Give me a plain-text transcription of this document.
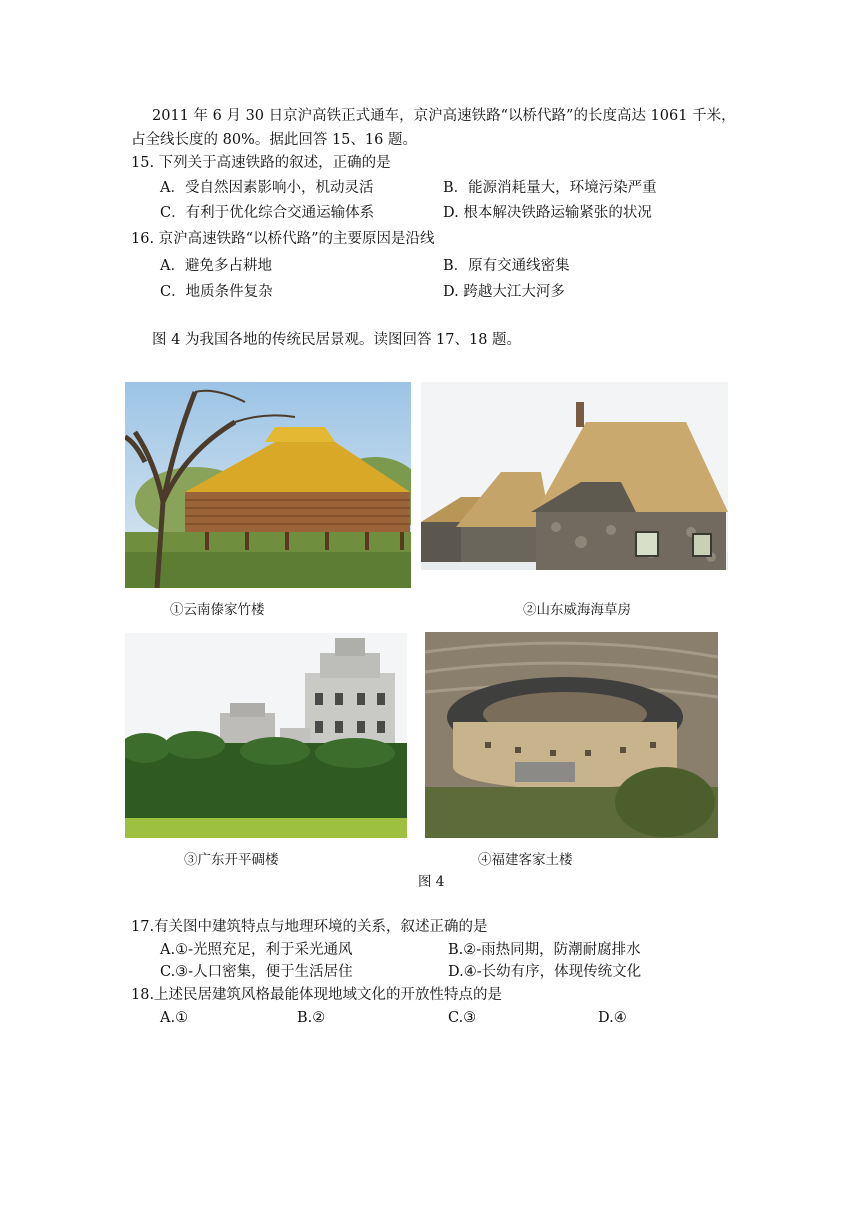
2011 年 6 月 30 日京沪高铁正式通车，京沪高速铁路“以桥代路”的长度高达 1061 千米，
占全线长度的 80%。据此回答 15、16 题。
15. 下列关于高速铁路的叙述，正确的是
A．受自然因素影响小，机动灵活	B．能源消耗量大，环境污染严重
C．有利于优化综合交通运输体系	D. 根本解决铁路运输紧张的状况
16. 京沪高速铁路“以桥代路”的主要原因是沿线
A．避免多占耕地	B．原有交通线密集
C．地质条件复杂	D. 跨越大江大河多
图 4 为我国各地的传统民居景观。读图回答 17、18 题。
①云南傣家竹楼	②山东威海海草房
③广东开平碉楼	④福建客家土楼
图 4
17.有关图中建筑特点与地理环境的关系，叙述正确的是
A.①-光照充足，利于采光通风	B.②-雨热同期，防潮耐腐排水
C.③-人口密集，便于生活居住	D.④-长幼有序，体现传统文化
18.上述民居建筑风格最能体现地域文化的开放性特点的是
A.①	B.②	C.③	D.④
